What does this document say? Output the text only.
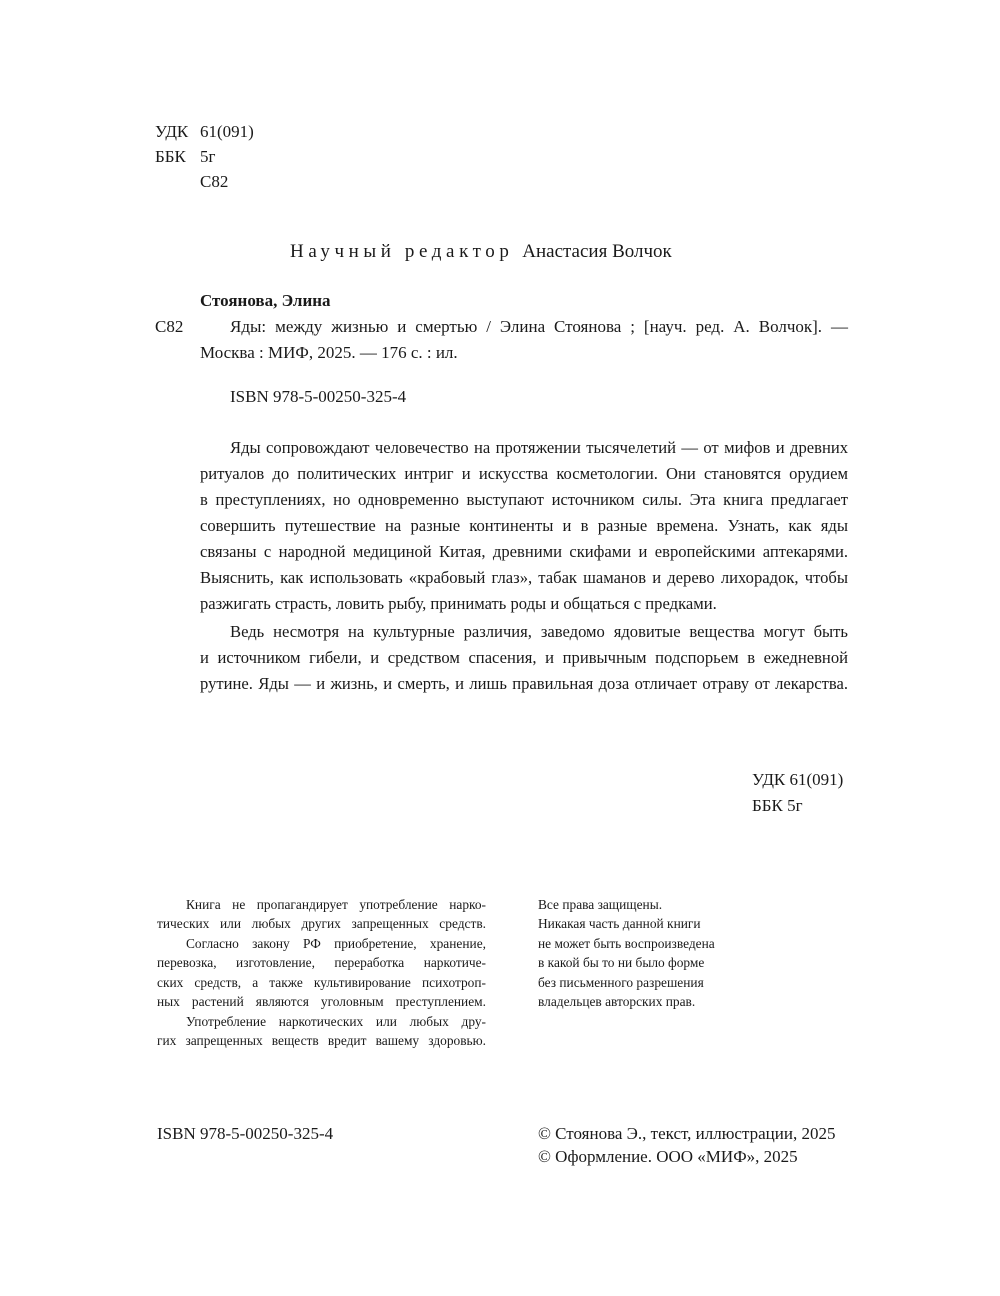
УДК 61(091)
ББК 5г
С82
Научный редактор Анастасия Волчок
Стоянова, Элина
С82	Яды: между жизнью и смертью / Элина Стоянова ; [науч. ред. А. Волчок]. —
Москва : МИФ, 2025. — 176 с. : ил.
ISBN 978-5-00250-325-4
Яды сопровождают человечество на протяжении тысячелетий — от мифов и древних
ритуалов до политических интриг и искусства косметологии. Они становятся орудием
в преступлениях, но одновременно выступают источником силы. Эта книга предлагает
совершить путешествие на разные континенты и в разные времена. Узнать, как яды
связаны с народной медициной Китая, древними скифами и европейскими аптекарями.
Выяснить, как использовать «крабовый глаз», табак шаманов и дерево лихорадок, чтобы
разжигать страсть, ловить рыбу, принимать роды и общаться с предками.
Ведь несмотря на культурные различия, заведомо ядовитые вещества могут быть
и источником гибели, и средством спасения, и привычным подспорьем в ежедневной
рутине. Яды — и жизнь, и смерть, и лишь правильная доза отличает отраву от лекарства.
УДК 61(091)
ББК 5г
Книга не пропагандирует употребление нарко-
тических или любых других запрещенных средств.
Согласно закону РФ приобретение, хранение,
перевозка, изготовление, переработка наркотиче-
ских средств, а также культивирование психотроп-
ных растений являются уголовным преступлением.
Употребление наркотических или любых дру-
гих запрещенных веществ вредит вашему здоровью.
Все права защищены.
Никакая часть данной книги
не может быть воспроизведена
в какой бы то ни было форме
без письменного разрешения
владельцев авторских прав.
ISBN 978-5-00250-325-4	© Стоянова Э., текст, иллюстрации, 2025
© Оформление. ООО «МИФ», 2025
